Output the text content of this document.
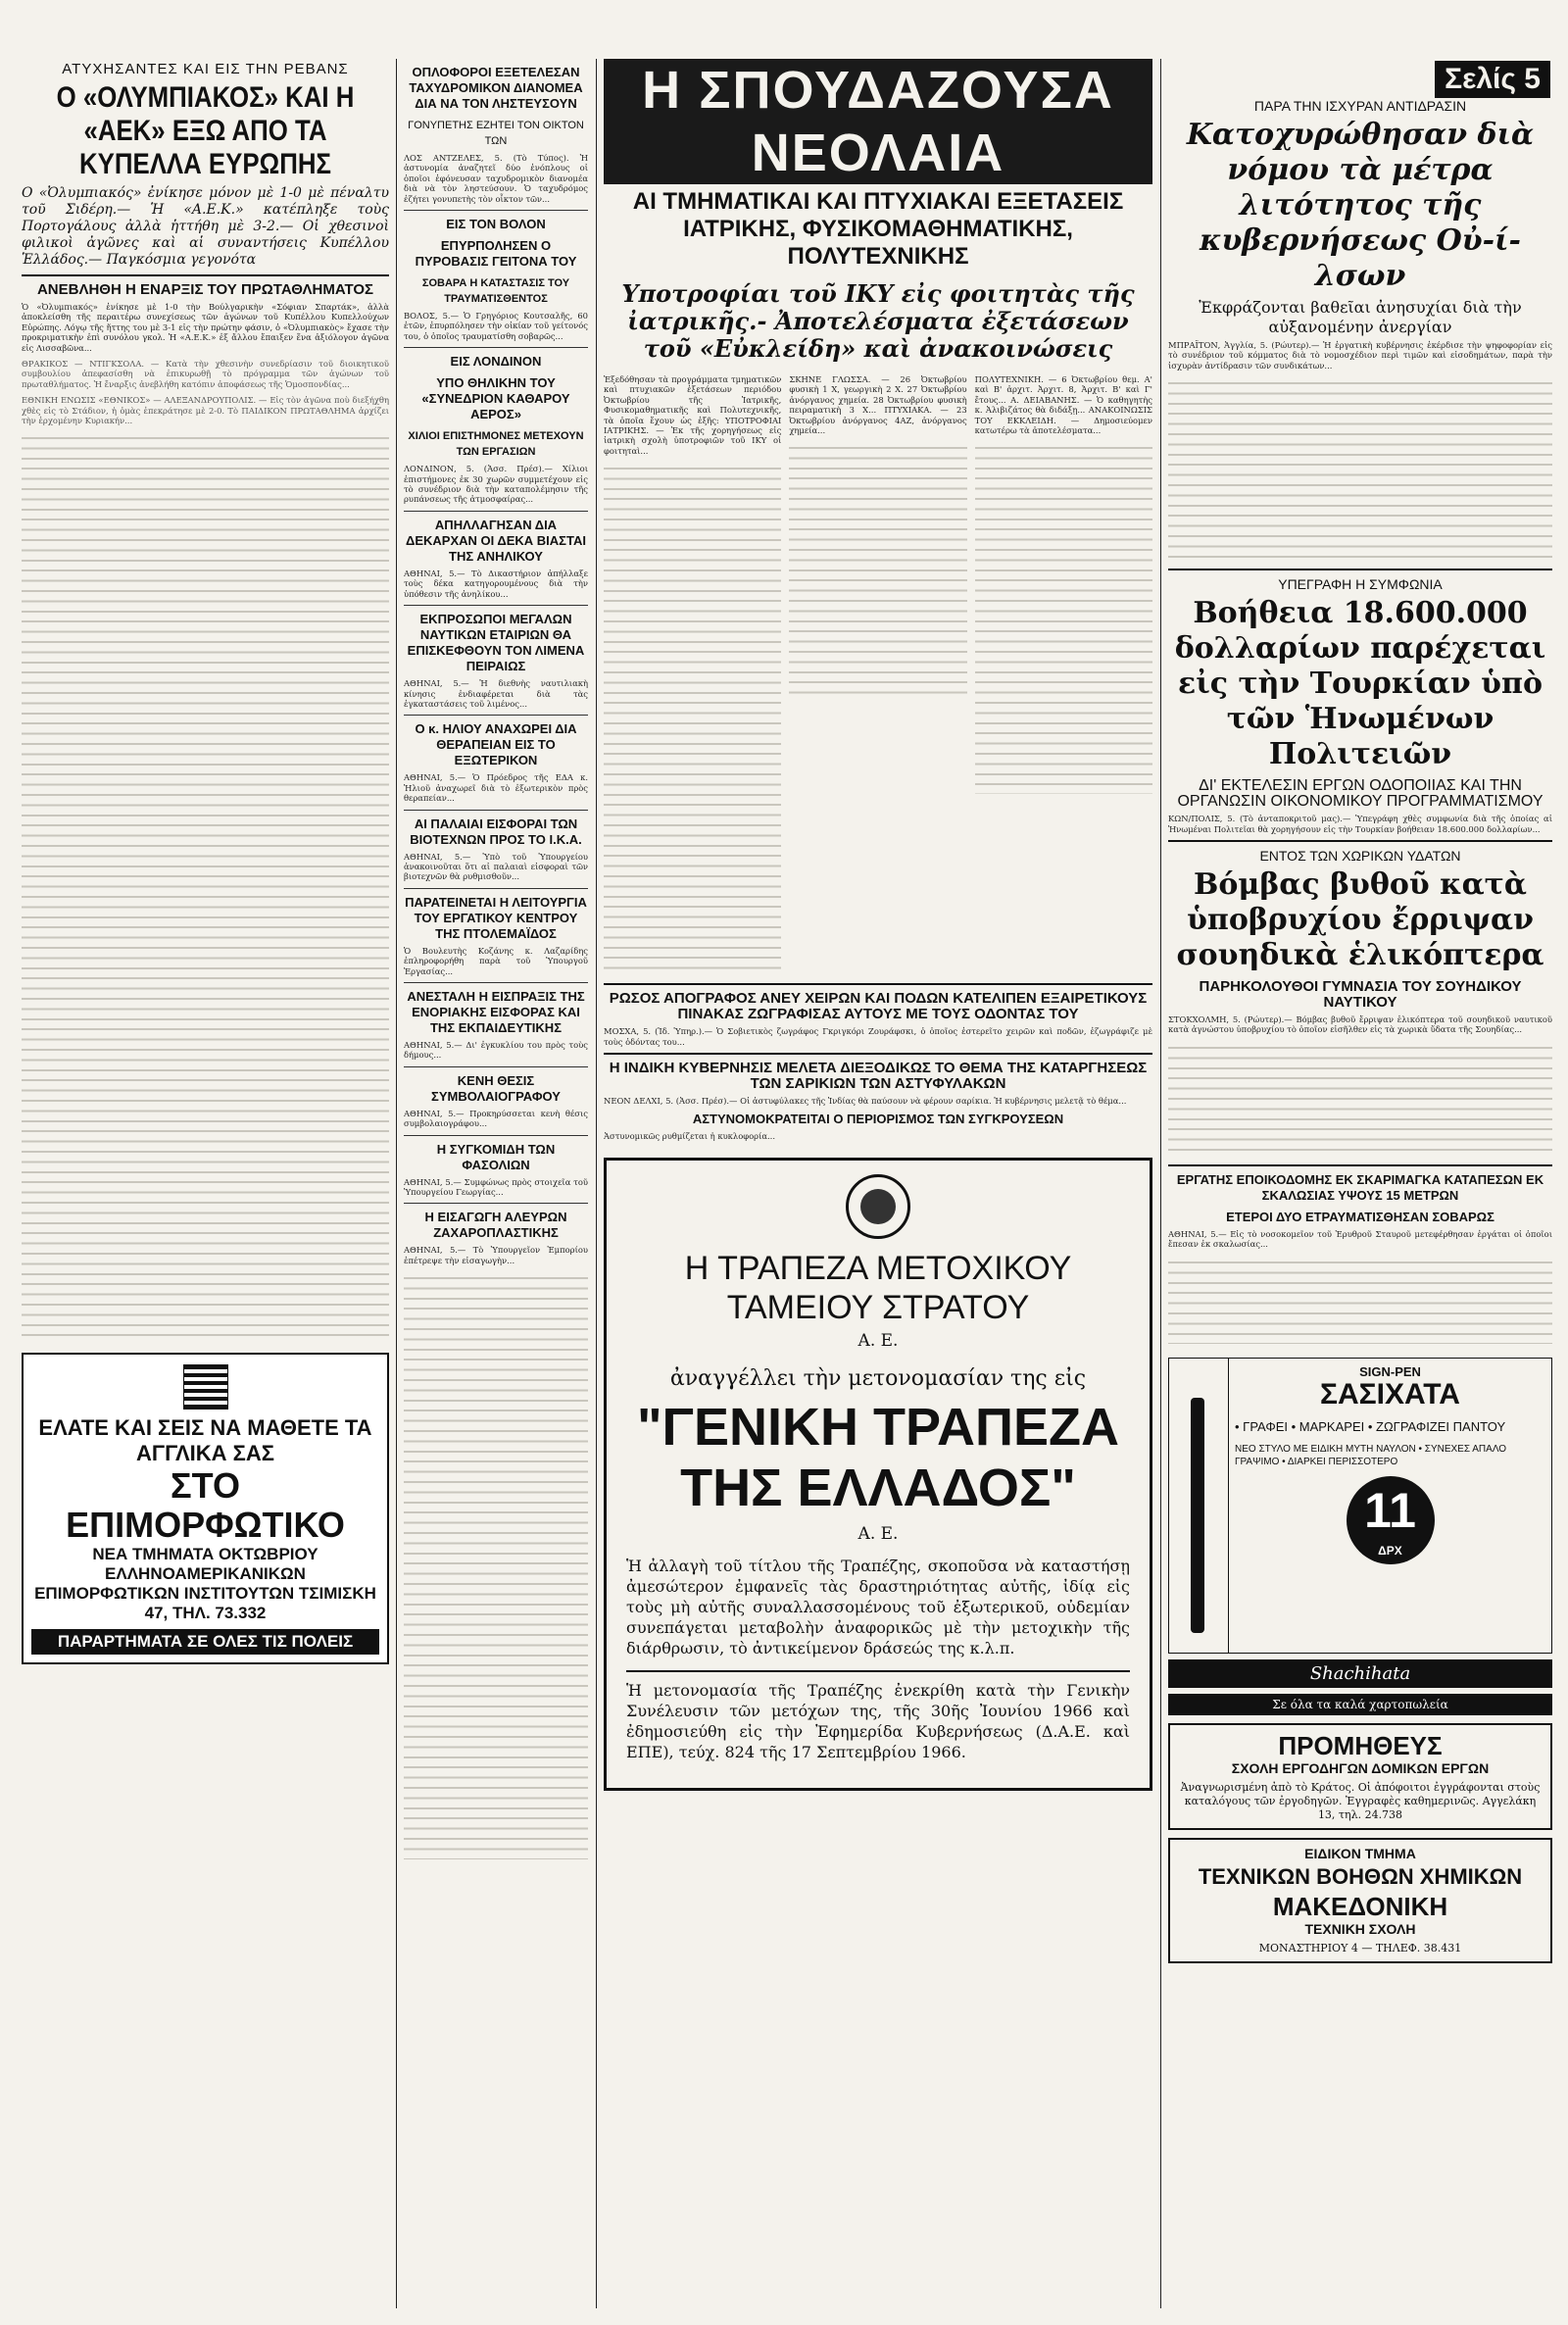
Σελίς 5
ΑΤΥΧΗΣΑΝΤΕΣ ΚΑΙ ΕΙΣ ΤΗΝ ΡΕΒΑΝΣ
Ο «ΟΛΥΜΠΙΑΚΟΣ» ΚΑΙ Η «ΑΕΚ» ΕΞΩ ΑΠΟ ΤΑ ΚΥΠΕΛΛΑ ΕΥΡΩΠΗΣ
Ο «Ὀλυμπιακός» ἐνίκησε μόνον μὲ 1-0 μὲ πέναλτυ τοῦ Σιδέρη.— Ἡ «Α.Ε.Κ.» κατέπληξε τοὺς Πορτογάλους ἀλλὰ ἡττήθη μὲ 3-2.— Οἱ χθεσινοὶ φιλικοὶ ἀγῶνες καὶ αἱ συναντήσεις Κυπέλλου Ἑλλάδος.— Παγκόσμια γεγονότα
ΑΝΕΒΛΗΘΗ Η ΕΝΑΡΞΙΣ ΤΟΥ ΠΡΩΤΑΘΛΗΜΑΤΟΣ
Ὁ «Ὀλυμπιακός» ἐνίκησε μὲ 1-0 τὴν Βούλγαρικὴν «Σόφιαν Σπαρτάκ», ἀλλὰ ἀποκλείσθη τῆς περαιτέρω συνεχίσεως τῶν ἀγώνων τοῦ Κυπέλλου Κυπελλούχων Εὐρώπης. Λόγῳ τῆς ἥττης του μὲ 3-1 εἰς τὴν πρώτην φάσιν, ὁ «Ὀλυμπιακὸς» ἔχασε τὴν προκριματικὴν ἐπὶ συνόλου γκολ. Ἡ «Α.Ε.Κ.» ἐξ ἄλλου ἔπαιξεν ἕνα ἀξιόλογον ἀγῶνα εἰς Λισσαβῶνα...
ΘΡΑΚΙΚΟΣ — ΝΤΙΓΚΣΟΛΑ. — Κατὰ τὴν χθεσινὴν συνεδρίασιν τοῦ διοικητικοῦ συμβουλίου ἀπεφασίσθη νὰ ἐπικυρωθῇ τὸ πρόγραμμα τῶν ἀγώνων τοῦ πρωταθλήματος. Ἡ ἔναρξις ἀνεβλήθη κατόπιν ἀποφάσεως τῆς Ὁμοσπονδίας...
ΕΘΝΙΚΗ ΕΝΩΣΙΣ «ΕΘΝΙΚΟΣ» — ΑΛΕΞΑΝΔΡΟΥΠΟΛΙΣ. — Εἰς τὸν ἀγῶνα ποὺ διεξήχθη χθὲς εἰς τὸ Στάδιον, ἡ ὁμὰς ἐπεκράτησε μὲ 2-0. Τὸ ΠΑΙΔΙΚΟΝ ΠΡΩΤΑΘΛΗΜΑ ἀρχίζει τὴν ἐρχομένην Κυριακήν...
ΕΛΑΤΕ ΚΑΙ ΣΕΙΣ ΝΑ ΜΑΘΕΤΕ ΤΑ ΑΓΓΛΙΚΑ ΣΑΣ
ΣΤΟ ΕΠΙΜΟΡΦΩΤΙΚΟ
ΝΕΑ ΤΜΗΜΑΤΑ ΟΚΤΩΒΡΙΟΥ ΕΛΛΗΝΟΑΜΕΡΙΚΑΝΙΚΩΝ ΕΠΙΜΟΡΦΩΤΙΚΩΝ ΙΝΣΤΙΤΟΥΤΩΝ ΤΣΙΜΙΣΚΗ 47, ΤΗΛ. 73.332
ΠΑΡΑΡΤΗΜΑΤΑ ΣΕ ΟΛΕΣ ΤΙΣ ΠΟΛΕΙΣ
ΟΠΛΟΦΟΡΟΙ ΕΞΕΤΕΛΕΣΑΝ ΤΑΧΥΔΡΟΜΙΚΟΝ ΔΙΑΝΟΜΕΑ ΔΙΑ ΝΑ ΤΟΝ ΛΗΣΤΕΥΣΟΥΝ
ΓΟΝΥΠΕΤΗΣ ΕΖΗΤΕΙ ΤΟΝ ΟΙΚΤΟΝ ΤΩΝ
ΛΟΣ ΑΝΤΖΕΛΕΣ, 5. (Τὸ Τύπος). Ἡ ἀστυνομία ἀναζητεῖ δύο ἐνόπλους οἱ ὁποῖοι ἐφόνευσαν ταχυδρομικὸν διανομέα διὰ νὰ τὸν ληστεύσουν. Ὁ ταχυδρόμος ἐζήτει γονυπετὴς τὸν οἶκτον τῶν...
ΕΙΣ ΤΟΝ ΒΟΛΟΝ
ΕΠΥΡΠΟΛΗΣΕΝ Ο ΠΥΡΟΒΑΣΙΣ ΓΕΙΤΟΝΑ ΤΟΥ
ΣΟΒΑΡΑ Η ΚΑΤΑΣΤΑΣΙΣ ΤΟΥ ΤΡΑΥΜΑΤΙΣΘΕΝΤΟΣ
ΒΟΛΟΣ, 5.— Ὁ Γρηγόριος Κουτσαλῆς, 60 ἐτῶν, ἐπυρπόλησεν τὴν οἰκίαν τοῦ γείτονός του, ὁ ὁποῖος τραυματίσθη σοβαρῶς...
ΕΙΣ ΛΟΝΔΙΝΟΝ
ΥΠΟ ΘΗΛΙΚΗΝ ΤΟΥ «ΣΥΝΕΔΡΙΟΝ ΚΑΘΑΡΟΥ ΑΕΡΟΣ»
ΧΙΛΙΟΙ ΕΠΙΣΤΗΜΟΝΕΣ ΜΕΤΕΧΟΥΝ ΤΩΝ ΕΡΓΑΣΙΩΝ
ΛΟΝΔΙΝΟΝ, 5. (Ἀσσ. Πρέσ).— Χίλιοι ἐπιστήμονες ἐκ 30 χωρῶν συμμετέχουν εἰς τὸ συνέδριον διὰ τὴν καταπολέμησιν τῆς ρυπάνσεως τῆς ἀτμοσφαίρας...
ΑΠΗΛΛΑΓΗΣΑΝ ΔΙΑ ΔΕΚΑΡΧΑΝ ΟΙ ΔΕΚΑ ΒΙΑΣΤΑΙ ΤΗΣ ΑΝΗΛΙΚΟΥ
ΑΘΗΝΑΙ, 5.— Τὸ Δικαστήριον ἀπήλλαξε τοὺς δέκα κατηγορουμένους διὰ τὴν ὑπόθεσιν τῆς ἀνηλίκου...
ΕΚΠΡΟΣΩΠΟΙ ΜΕΓΑΛΩΝ ΝΑΥΤΙΚΩΝ ΕΤΑΙΡΙΩΝ ΘΑ ΕΠΙΣΚΕΦΘΟΥΝ ΤΟΝ ΛΙΜΕΝΑ ΠΕΙΡΑΙΩΣ
ΑΘΗΝΑΙ, 5.— Ἡ διεθνὴς ναυτιλιακὴ κίνησις ἐνδιαφέρεται διὰ τὰς ἐγκαταστάσεις τοῦ λιμένος...
Ο κ. ΗΛΙΟΥ ΑΝΑΧΩΡΕΙ ΔΙΑ ΘΕΡΑΠΕΙΑΝ ΕΙΣ ΤΟ ΕΞΩΤΕΡΙΚΟΝ
ΑΘΗΝΑΙ, 5.— Ὁ Πρόεδρος τῆς ΕΔΑ κ. Ἠλιοῦ ἀναχωρεῖ διὰ τὸ ἐξωτερικὸν πρὸς θεραπείαν...
ΑΙ ΠΑΛΑΙΑΙ ΕΙΣΦΟΡΑΙ ΤΩΝ ΒΙΟΤΕΧΝΩΝ ΠΡΟΣ ΤΟ Ι.Κ.Α.
ΑΘΗΝΑΙ, 5.— Ὑπὸ τοῦ Ὑπουργείου ἀνακοινοῦται ὅτι αἱ παλαιαὶ εἰσφοραὶ τῶν βιοτεχνῶν θὰ ρυθμισθοῦν...
ΠΑΡΑΤΕΙΝΕΤΑΙ Η ΛΕΙΤΟΥΡΓΙΑ ΤΟΥ ΕΡΓΑΤΙΚΟΥ ΚΕΝΤΡΟΥ ΤΗΣ ΠΤΟΛΕΜΑΪΔΟΣ
Ὁ Βουλευτὴς Κοζάνης κ. Λαζαρίδης ἐπληροφορήθη παρὰ τοῦ Ὑπουργοῦ Ἐργασίας...
ΑΝΕΣΤΑΛΗ Η ΕΙΣΠΡΑΞΙΣ ΤΗΣ ΕΝΟΡΙΑΚΗΣ ΕΙΣΦΟΡΑΣ ΚΑΙ ΤΗΣ ΕΚΠΑΙΔΕΥΤΙΚΗΣ
ΑΘΗΝΑΙ, 5.— Δι' ἐγκυκλίου του πρὸς τοὺς δήμους...
ΚΕΝΗ ΘΕΣΙΣ ΣΥΜΒΟΛΑΙΟΓΡΑΦΟΥ
ΑΘΗΝΑΙ, 5.— Προκηρύσσεται κενὴ θέσις συμβολαιογράφου...
Η ΣΥΓΚΟΜΙΔΗ ΤΩΝ ΦΑΣΟΛΙΩΝ
ΑΘΗΝΑΙ, 5.— Συμφώνως πρὸς στοιχεῖα τοῦ Ὑπουργείου Γεωργίας...
Η ΕΙΣΑΓΩΓΗ ΑΛΕΥΡΩΝ ΖΑΧΑΡΟΠΛΑΣΤΙΚΗΣ
ΑΘΗΝΑΙ, 5.— Τὸ Ὑπουργεῖον Ἐμπορίου ἐπέτρεψε τὴν εἰσαγωγὴν...
Η ΣΠΟΥΔΑΖΟΥΣΑ ΝΕΟΛΑΙΑ
ΑΙ ΤΜΗΜΑΤΙΚΑΙ ΚΑΙ ΠΤΥΧΙΑΚΑΙ ΕΞΕΤΑΣΕΙΣ ΙΑΤΡΙΚΗΣ, ΦΥΣΙΚΟΜΑΘΗΜΑΤΙΚΗΣ, ΠΟΛΥΤΕΧΝΙΚΗΣ
Υποτροφίαι τοῦ ΙΚΥ εἰς φοιτητὰς τῆς ἰατρικῆς.- Ἀποτελέσματα ἐξετάσεων τοῦ «Εὐκλείδη» καὶ ἀνακοινώσεις
Ἐξεδόθησαν τὰ προγράμματα τμηματικῶν καὶ πτυχιακῶν ἐξετάσεων περιόδου Ὀκτωβρίου τῆς Ἰατρικῆς, Φυσικομαθηματικῆς καὶ Πολυτεχνικῆς, τὰ ὁποῖα ἔχουν ὡς ἑξῆς: ΥΠΟΤΡΟΦΙΑΙ ΙΑΤΡΙΚΗΣ. — Ἐκ τῆς χορηγήσεως εἰς ἰατρικὴ σχολὴ ὑποτροφιῶν τοῦ ΙΚΥ οἱ φοιτηταὶ...
ΣΚΗΝΕ ΓΛΩΣΣΑ. — 26 Ὀκτωβρίου φυσικὴ 1 Χ, γεωργικὴ 2 Χ. 27 Ὀκτωβρίου ἀνόργανος χημεία. 28 Ὀκτωβρίου φυσικὴ πειραματικὴ 3 Χ... ΠΤΥΧΙΑΚΑ. — 23 Ὀκτωβρίου ἀνόργανος 4ΑΖ, ἀνόργανος χημεία...
ΠΟΛΥΤΕΧΝΙΚΗ. — 6 Ὀκτωβρίου θεμ. Α' καὶ Β' ἀρχιτ. Ἀρχιτ. 8, Ἀρχιτ. Β' καὶ Γ' ἔτους... Α. ΔΕΙΑΒΑΝΗΣ. — Ὁ καθηγητὴς κ. Ἀλιβιζάτος θὰ διδάξῃ... ΑΝΑΚΟΙΝΩΣΙΣ ΤΟΥ ΕΚΚΛΕΙΔΗ. — Δημοσιεύομεν κατωτέρω τὰ ἀποτελέσματα...
ΡΩΣΟΣ ΑΠΟΓΡΑΦΟΣ ΑΝΕΥ ΧΕΙΡΩΝ ΚΑΙ ΠΟΔΩΝ ΚΑΤΕΛΙΠΕΝ ΕΞΑΙΡΕΤΙΚΟΥΣ ΠΙΝΑΚΑΣ ΖΩΓΡΑΦΙΣΑΣ ΑΥΤΟΥΣ ΜΕ ΤΟΥΣ ΟΔΟΝΤΑΣ ΤΟΥ
ΜΟΣΧΑ, 5. (Ἰδ. Ὑπηρ.).— Ὁ Σοβιετικὸς ζωγράφος Γκριγκόρι Ζουράφσκι, ὁ ὁποῖος ἐστερεῖτο χειρῶν καὶ ποδῶν, ἐζωγράφιζε μὲ τοὺς ὀδόντας του...
Η ΙΝΔΙΚΗ ΚΥΒΕΡΝΗΣΙΣ ΜΕΛΕΤΑ ΔΙΕΞΟΔΙΚΩΣ ΤΟ ΘΕΜΑ ΤΗΣ ΚΑΤΑΡΓΗΣΕΩΣ ΤΩΝ ΣΑΡΙΚΙΩΝ ΤΩΝ ΑΣΤΥΦΥΛΑΚΩΝ
ΝΕΟΝ ΔΕΛΧΙ, 5. (Ἀσσ. Πρέσ).— Οἱ ἀστυφύλακες τῆς Ἰνδίας θὰ παύσουν νὰ φέρουν σαρίκια. Ἡ κυβέρνησις μελετᾷ τὸ θέμα...
ΑΣΤΥΝΟΜΟΚΡΑΤΕΙΤΑΙ Ο ΠΕΡΙΟΡΙΣΜΟΣ ΤΩΝ ΣΥΓΚΡΟΥΣΕΩΝ
Ἀστυνομικῶς ρυθμίζεται ἡ κυκλοφορία...
Η ΤΡΑΠΕΖΑ ΜΕΤΟΧΙΚΟΥ ΤΑΜΕΙΟΥ ΣΤΡΑΤΟΥ
Α. Ε.
ἀναγγέλλει τὴν μετονομασίαν της εἰς
"ΓΕΝΙΚΗ ΤΡΑΠΕΖΑ ΤΗΣ ΕΛΛΑΔΟΣ"
Α. Ε.
Ἡ ἀλλαγὴ τοῦ τίτλου τῆς Τραπέζης, σκοποῦσα νὰ καταστήσῃ ἀμεσώτερον ἐμφανεῖς τὰς δραστηριότητας αὐτῆς, ἰδίᾳ εἰς τοὺς μὴ αὐτῆς συναλλασσομένους τοῦ ἐξωτερικοῦ, οὐδεμίαν συνεπάγεται μεταβολὴν ἀναφορικῶς μὲ τὴν μετοχικὴν τῆς διάρθρωσιν, τὸ ἀντικείμενον δράσεώς της κ.λ.π.
Ἡ μετονομασία τῆς Τραπέζης ἐνεκρίθη κατὰ τὴν Γενικὴν Συνέλευσιν τῶν μετόχων της, τῆς 30ῆς Ἰουνίου 1966 καὶ ἐδημοσιεύθη εἰς τὴν Ἐφημερίδα Κυβερνήσεως (Δ.Α.Ε. καὶ ΕΠΕ), τεύχ. 824 τῆς 17 Σεπτεμβρίου 1966.
ΠΑΡΑ ΤΗΝ ΙΣΧΥΡΑΝ ΑΝΤΙΔΡΑΣΙΝ
Κατοχυρώθησαν διὰ νόμου τὰ μέτρα λιτότητος τῆς κυβερνήσεως Οὐ-ί-λσων
Ἐκφράζονται βαθεῖαι ἀνησυχίαι διὰ τὴν αὐξανομένην ἀνεργίαν
ΜΠΡΑΪΤΟΝ, Ἀγγλία, 5. (Ρώυτερ).— Ἡ ἐργατικὴ κυβέρνησις ἐκέρδισε τὴν ψηφοφορίαν εἰς τὸ συνέδριον τοῦ κόμματος διὰ τὸ νομοσχέδιον περὶ τιμῶν καὶ εἰσοδημάτων, παρὰ τὴν ἰσχυρὰν ἀντίδρασιν τῶν συνδικάτων...
ΥΠΕΓΡΑΦΗ Η ΣΥΜΦΩΝΙΑ
Βοήθεια 18.600.000 δολλαρίων παρέχεται εἰς τὴν Τουρκίαν ὑπὸ τῶν Ἡνωμένων Πολιτειῶν
ΔΙ' ΕΚΤΕΛΕΣΙΝ ΕΡΓΩΝ ΟΔΟΠΟΙΙΑΣ ΚΑΙ ΤΗΝ ΟΡΓΑΝΩΣΙΝ ΟΙΚΟΝΟΜΙΚΟΥ ΠΡΟΓΡΑΜΜΑΤΙΣΜΟΥ
ΚΩΝ/ΠΟΛΙΣ, 5. (Τὸ ἀνταποκριτοῦ μας).— Ὑπεγράφη χθὲς συμφωνία διὰ τῆς ὁποίας αἱ Ἡνωμέναι Πολιτεῖαι θὰ χορηγήσουν εἰς τὴν Τουρκίαν βοήθειαν 18.600.000 δολλαρίων...
ΕΝΤΟΣ ΤΩΝ ΧΩΡΙΚΩΝ ΥΔΑΤΩΝ
Βόμβας βυθοῦ κατὰ ὑποβρυχίου ἔρριψαν σουηδικὰ ἑλικόπτερα
ΠΑΡΗΚΟΛΟΥΘΟΙ ΓΥΜΝΑΣΙΑ ΤΟΥ ΣΟΥΗΔΙΚΟΥ ΝΑΥΤΙΚΟΥ
ΣΤΟΚΧΟΛΜΗ, 5. (Ρώυτερ).— Βόμβας βυθοῦ ἔρριψαν ἑλικόπτερα τοῦ σουηδικοῦ ναυτικοῦ κατὰ ἀγνώστου ὑποβρυχίου τὸ ὁποῖον εἰσῆλθεν εἰς τὰ χωρικὰ ὕδατα τῆς Σουηδίας...
ΕΡΓΑΤΗΣ ΕΠΟΙΚΟΔΟΜΗΣ ΕΚ ΣΚΑΡΙΜΑΓΚΑ ΚΑΤΑΠΕΣΩΝ ΕΚ ΣΚΑΛΩΣΙΑΣ ΥΨΟΥΣ 15 ΜΕΤΡΩΝ
ΕΤΕΡΟΙ ΔΥΟ ΕΤΡΑΥΜΑΤΙΣΘΗΣΑΝ ΣΟΒΑΡΩΣ
ΑΘΗΝΑΙ, 5.— Εἰς τὸ νοσοκομεῖον τοῦ Ἐρυθροῦ Σταυροῦ μετεφέρθησαν ἐργάται οἱ ὁποῖοι ἔπεσαν ἐκ σκαλωσίας...
SIGN-PEN
ΣΑΣΙΧΑΤΑ
• ΓΡΑΦΕΙ • ΜΑΡΚΑΡΕΙ • ΖΩΓΡΑΦΙΖΕΙ ΠΑΝΤΟΥ
ΝΕΟ ΣΤΥΛΟ ΜΕ ΕΙΔΙΚΗ ΜΥΤΗ ΝΑΥΛΟΝ • ΣΥΝΕΧΕΣ ΑΠΑΛΟ ΓΡΑΨΙΜΟ • ΔΙΑΡΚΕΙ ΠΕΡΙΣΣΟΤΕΡΟ
11
ΔΡΧ
Shachihata
Σε όλα τα καλά χαρτοπωλεία
ΠΡΟΜΗΘΕΥΣ
ΣΧΟΛΗ ΕΡΓΟΔΗΓΩΝ ΔΟΜΙΚΩΝ ΕΡΓΩΝ
Ἀναγνωρισμένη ἀπὸ τὸ Κράτος. Οἱ ἀπόφοιτοι ἐγγράφονται στοὺς καταλόγους τῶν ἐργοδηγῶν. Ἐγγραφὲς καθημερινῶς. Αγγελάκη 13, τηλ. 24.738
ΕΙΔΙΚΟΝ ΤΜΗΜΑ
ΤΕΧΝΙΚΩΝ ΒΟΗΘΩΝ ΧΗΜΙΚΩΝ
ΜΑΚΕΔΟΝΙΚΗ
ΤΕΧΝΙΚΗ ΣΧΟΛΗ
ΜΟΝΑΣΤΗΡΙΟΥ 4 — ΤΗΛΕΦ. 38.431
